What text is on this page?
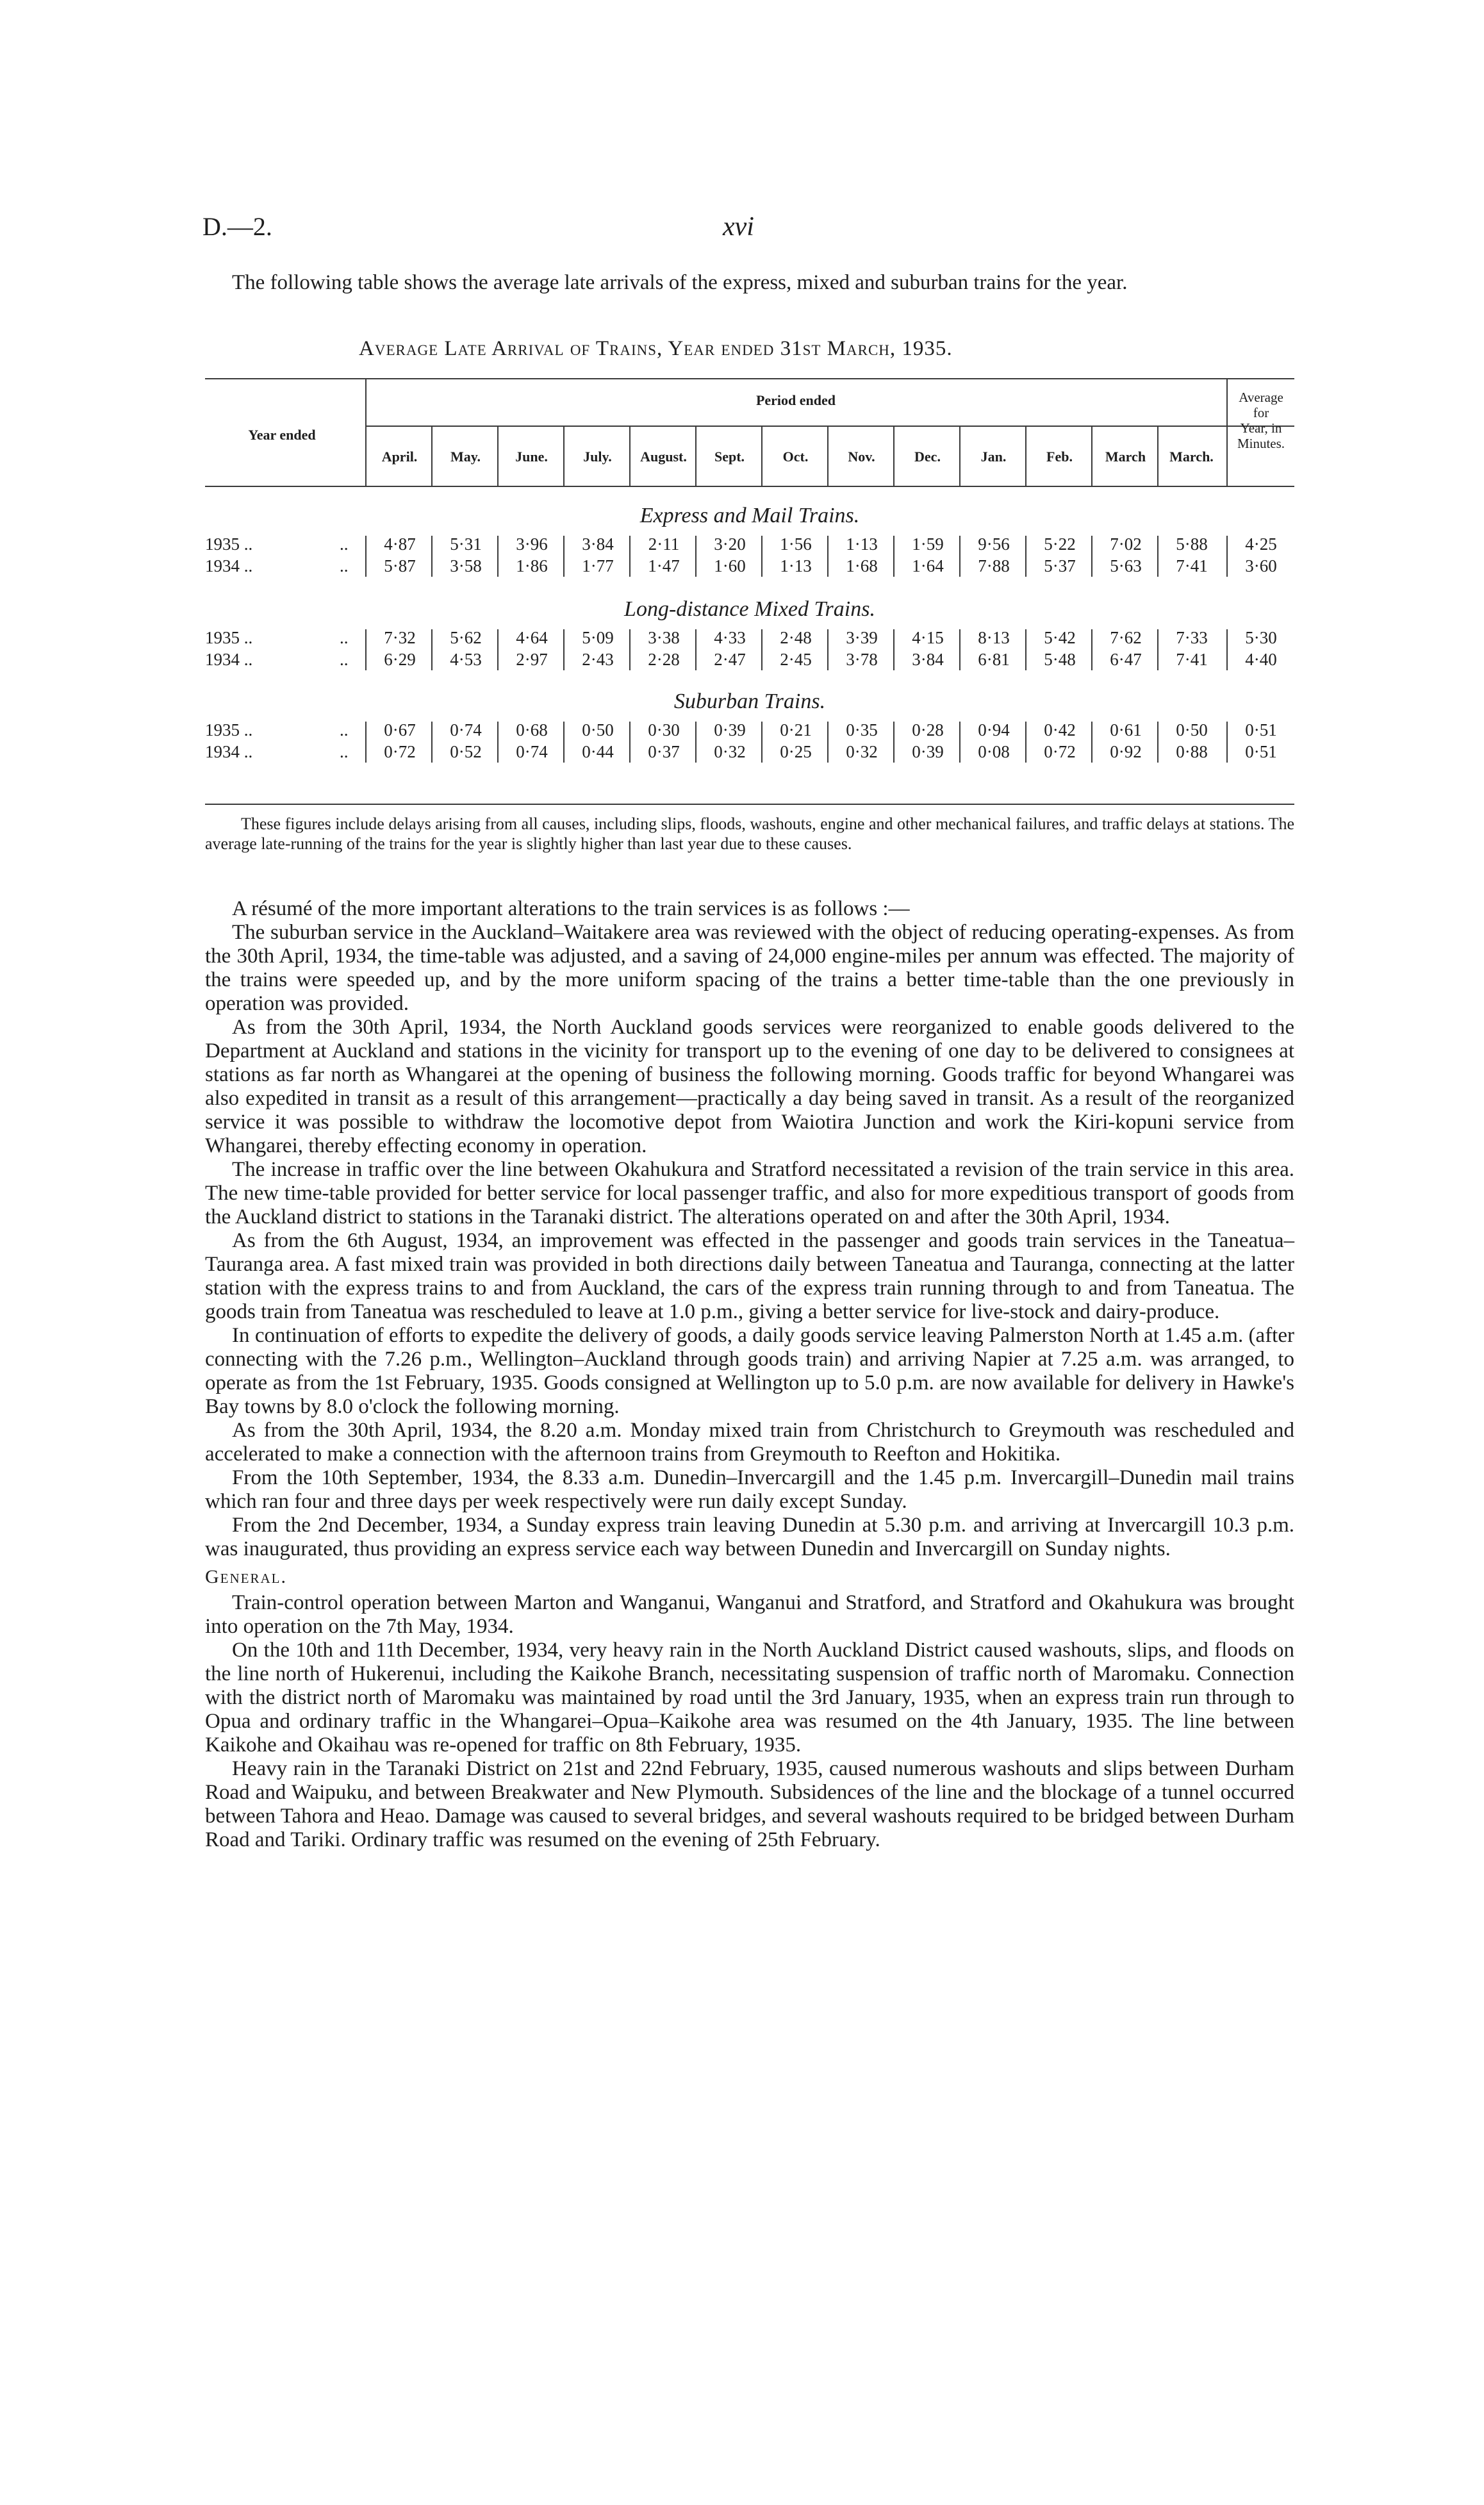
D.—2.	xvi

The following table shows the average late arrivals of the express, mixed and suburban trains for the year.

Average Late Arrival of Trains, Year ended 31st March, 1935.
Year ended
Period ended
April.	May.	June.	July.	August.	Sept.	Oct.	Nov.	Dec.	Jan.	Feb.	March	March.
Average
for
Year, in
Minutes.
Express and Mail Trains.
1935 ..	..	4·87	5·31	3·96	3·84	2·11	3·20	1·56	1·13	1·59	9·56	5·22	7·02	5·88	4·25
1934 ..	..	5·87	3·58	1·86	1·77	1·47	1·60	1·13	1·68	1·64	7·88	5·37	5·63	7·41	3·60
Long-distance Mixed Trains.
1935 ..	..	7·32	5·62	4·64	5·09	3·38	4·33	2·48	3·39	4·15	8·13	5·42	7·62	7·33	5·30
1934 ..	..	6·29	4·53	2·97	2·43	2·28	2·47	2·45	3·78	3·84	6·81	5·48	6·47	7·41	4·40
Suburban Trains.
1935 ..	..	0·67	0·74	0·68	0·50	0·30	0·39	0·21	0·35	0·28	0·94	0·42	0·61	0·50	0·51
1934 ..	..	0·72	0·52	0·74	0·44	0·37	0·32	0·25	0·32	0·39	0·08	0·72	0·92	0·88	0·51

These figures include delays arising from all causes, including slips, floods, washouts, engine and other mechanical failures, and traffic delays at stations. The average late-running of the trains for the year is slightly higher than last year due to these causes.

A résumé of the more important alterations to the train services is as follows :—

The suburban service in the Auckland–Waitakere area was reviewed with the object of reducing operating-expenses. As from the 30th April, 1934, the time-table was adjusted, and a saving of 24,000 engine-miles per annum was effected. The majority of the trains were speeded up, and by the more uniform spacing of the trains a better time-table than the one previously in operation was provided.

As from the 30th April, 1934, the North Auckland goods services were reorganized to enable goods delivered to the Department at Auckland and stations in the vicinity for transport up to the evening of one day to be delivered to consignees at stations as far north as Whangarei at the opening of business the following morning. Goods traffic for beyond Whangarei was also expedited in transit as a result of this arrangement—practically a day being saved in transit. As a result of the reorganized service it was possible to withdraw the locomotive depot from Waiotira Junction and work the Kiri-kopuni service from Whangarei, thereby effecting economy in operation.

The increase in traffic over the line between Okahukura and Stratford necessitated a revision of the train service in this area. The new time-table provided for better service for local passenger traffic, and also for more expeditious transport of goods from the Auckland district to stations in the Taranaki district. The alterations operated on and after the 30th April, 1934.

As from the 6th August, 1934, an improvement was effected in the passenger and goods train services in the Taneatua–Tauranga area. A fast mixed train was provided in both directions daily between Taneatua and Tauranga, connecting at the latter station with the express trains to and from Auckland, the cars of the express train running through to and from Taneatua. The goods train from Taneatua was rescheduled to leave at 1.0 p.m., giving a better service for live-stock and dairy-produce.

In continuation of efforts to expedite the delivery of goods, a daily goods service leaving Palmerston North at 1.45 a.m. (after connecting with the 7.26 p.m., Wellington–Auckland through goods train) and arriving Napier at 7.25 a.m. was arranged, to operate as from the 1st February, 1935. Goods consigned at Wellington up to 5.0 p.m. are now available for delivery in Hawke's Bay towns by 8.0 o'clock the following morning.

As from the 30th April, 1934, the 8.20 a.m. Monday mixed train from Christchurch to Greymouth was rescheduled and accelerated to make a connection with the afternoon trains from Greymouth to Reefton and Hokitika.

From the 10th September, 1934, the 8.33 a.m. Dunedin–Invercargill and the 1.45 p.m. Invercargill–Dunedin mail trains which ran four and three days per week respectively were run daily except Sunday.

From the 2nd December, 1934, a Sunday express train leaving Dunedin at 5.30 p.m. and arriving at Invercargill 10.3 p.m. was inaugurated, thus providing an express service each way between Dunedin and Invercargill on Sunday nights.

General.

Train-control operation between Marton and Wanganui, Wanganui and Stratford, and Stratford and Okahukura was brought into operation on the 7th May, 1934.

On the 10th and 11th December, 1934, very heavy rain in the North Auckland District caused washouts, slips, and floods on the line north of Hukerenui, including the Kaikohe Branch, necessitating suspension of traffic north of Maromaku. Connection with the district north of Maromaku was maintained by road until the 3rd January, 1935, when an express train run through to Opua and ordinary traffic in the Whangarei–Opua–Kaikohe area was resumed on the 4th January, 1935. The line between Kaikohe and Okaihau was re-opened for traffic on 8th February, 1935.

Heavy rain in the Taranaki District on 21st and 22nd February, 1935, caused numerous washouts and slips between Durham Road and Waipuku, and between Breakwater and New Plymouth. Subsidences of the line and the blockage of a tunnel occurred between Tahora and Heao. Damage was caused to several bridges, and several washouts required to be bridged between Durham Road and Tariki. Ordinary traffic was resumed on the evening of 25th February.
